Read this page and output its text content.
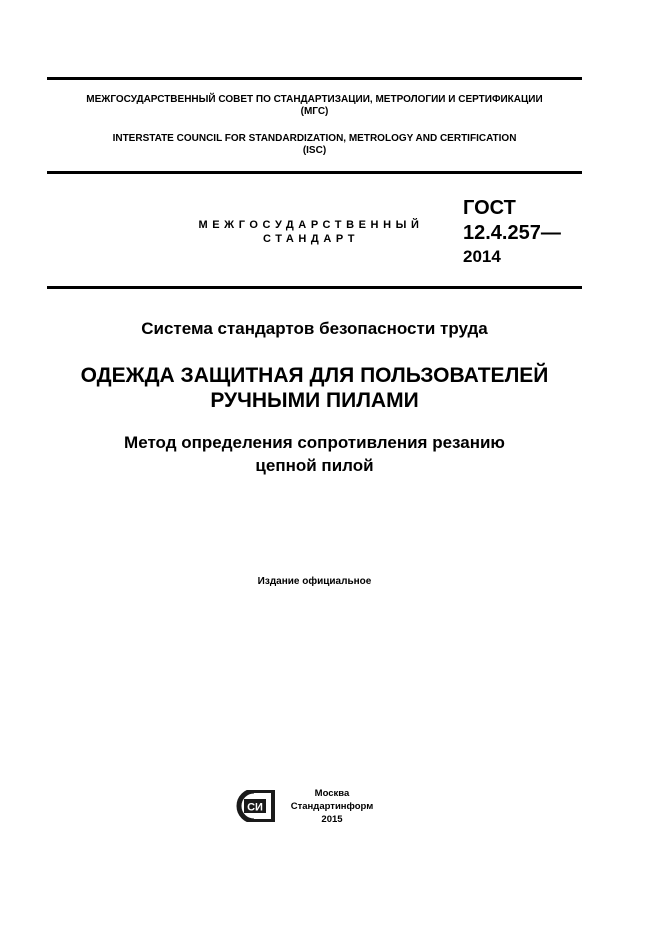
МЕЖГОСУДАРСТВЕННЫЙ СОВЕТ ПО СТАНДАРТИЗАЦИИ, МЕТРОЛОГИИ И СЕРТИФИКАЦИИ
(МГС)
INTERSTATE COUNCIL FOR STANDARDIZATION, METROLOGY AND CERTIFICATION
(ISC)
МЕЖГОСУДАРСТВЕННЫЙ
СТАНДАРТ
ГОСТ
12.4.257—
2014
Система стандартов безопасности труда
ОДЕЖДА ЗАЩИТНАЯ ДЛЯ ПОЛЬЗОВАТЕЛЕЙ
РУЧНЫМИ ПИЛАМИ
Метод определения сопротивления резанию
цепной пилой
Издание официальное
СИ
Москва
Стандартинформ
2015
